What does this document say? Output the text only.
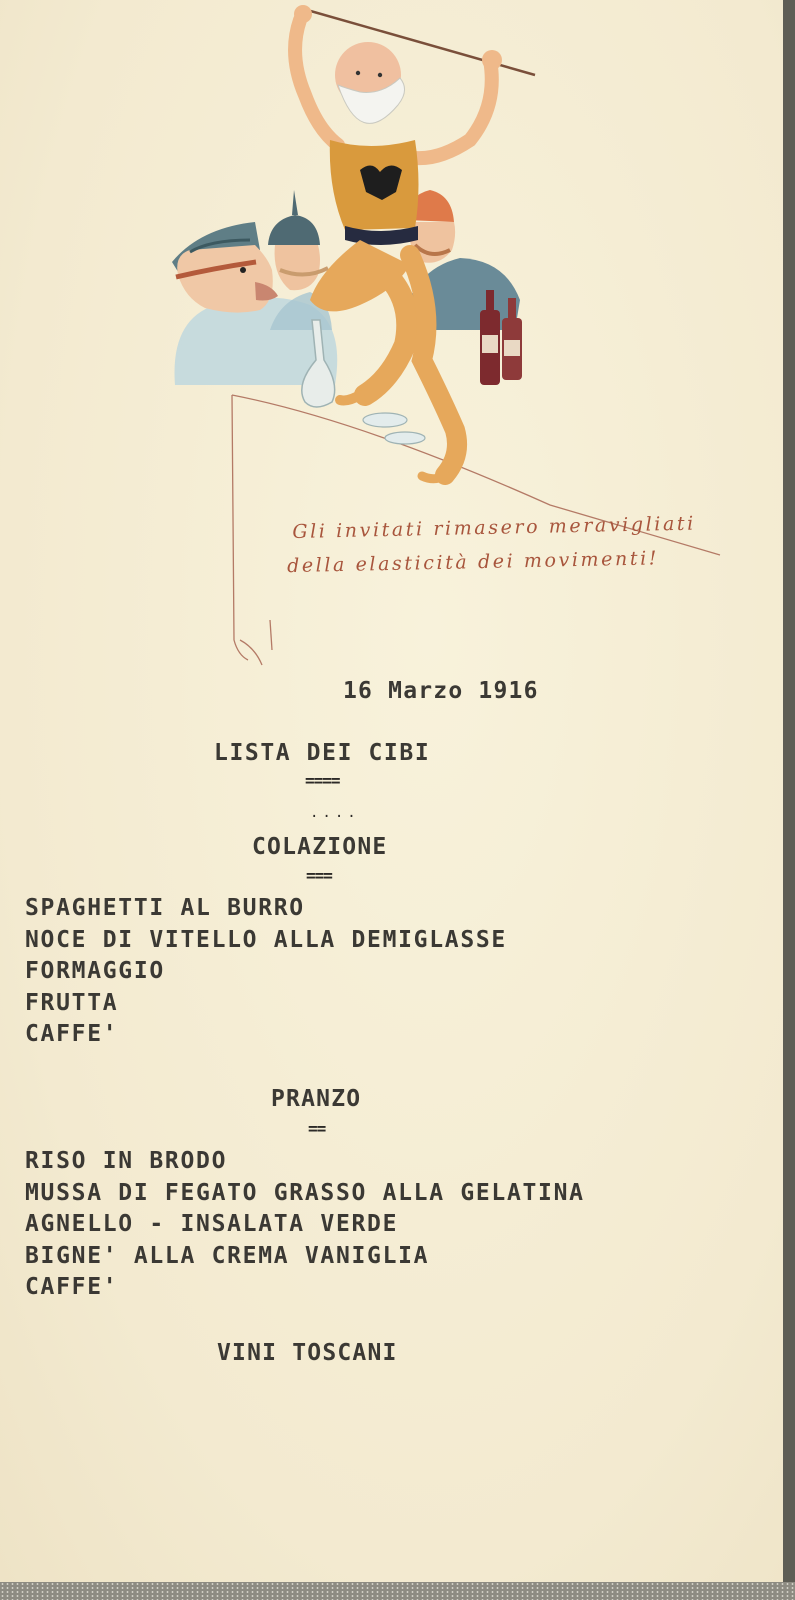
Gli invitati rimasero meravigliati
della elasticità dei movimenti!
16 Marzo 1916
LISTA DEI CIBI
====
....
COLAZIONE
===
SPAGHETTI AL BURRO
NOCE DI VITELLO ALLA DEMIGLASSE
FORMAGGIO
FRUTTA
CAFFE'
PRANZO
==
RISO IN BRODO
MUSSA DI FEGATO GRASSO ALLA GELATINA
AGNELLO - INSALATA VERDE
BIGNE' ALLA CREMA VANIGLIA
CAFFE'
VINI TOSCANI
